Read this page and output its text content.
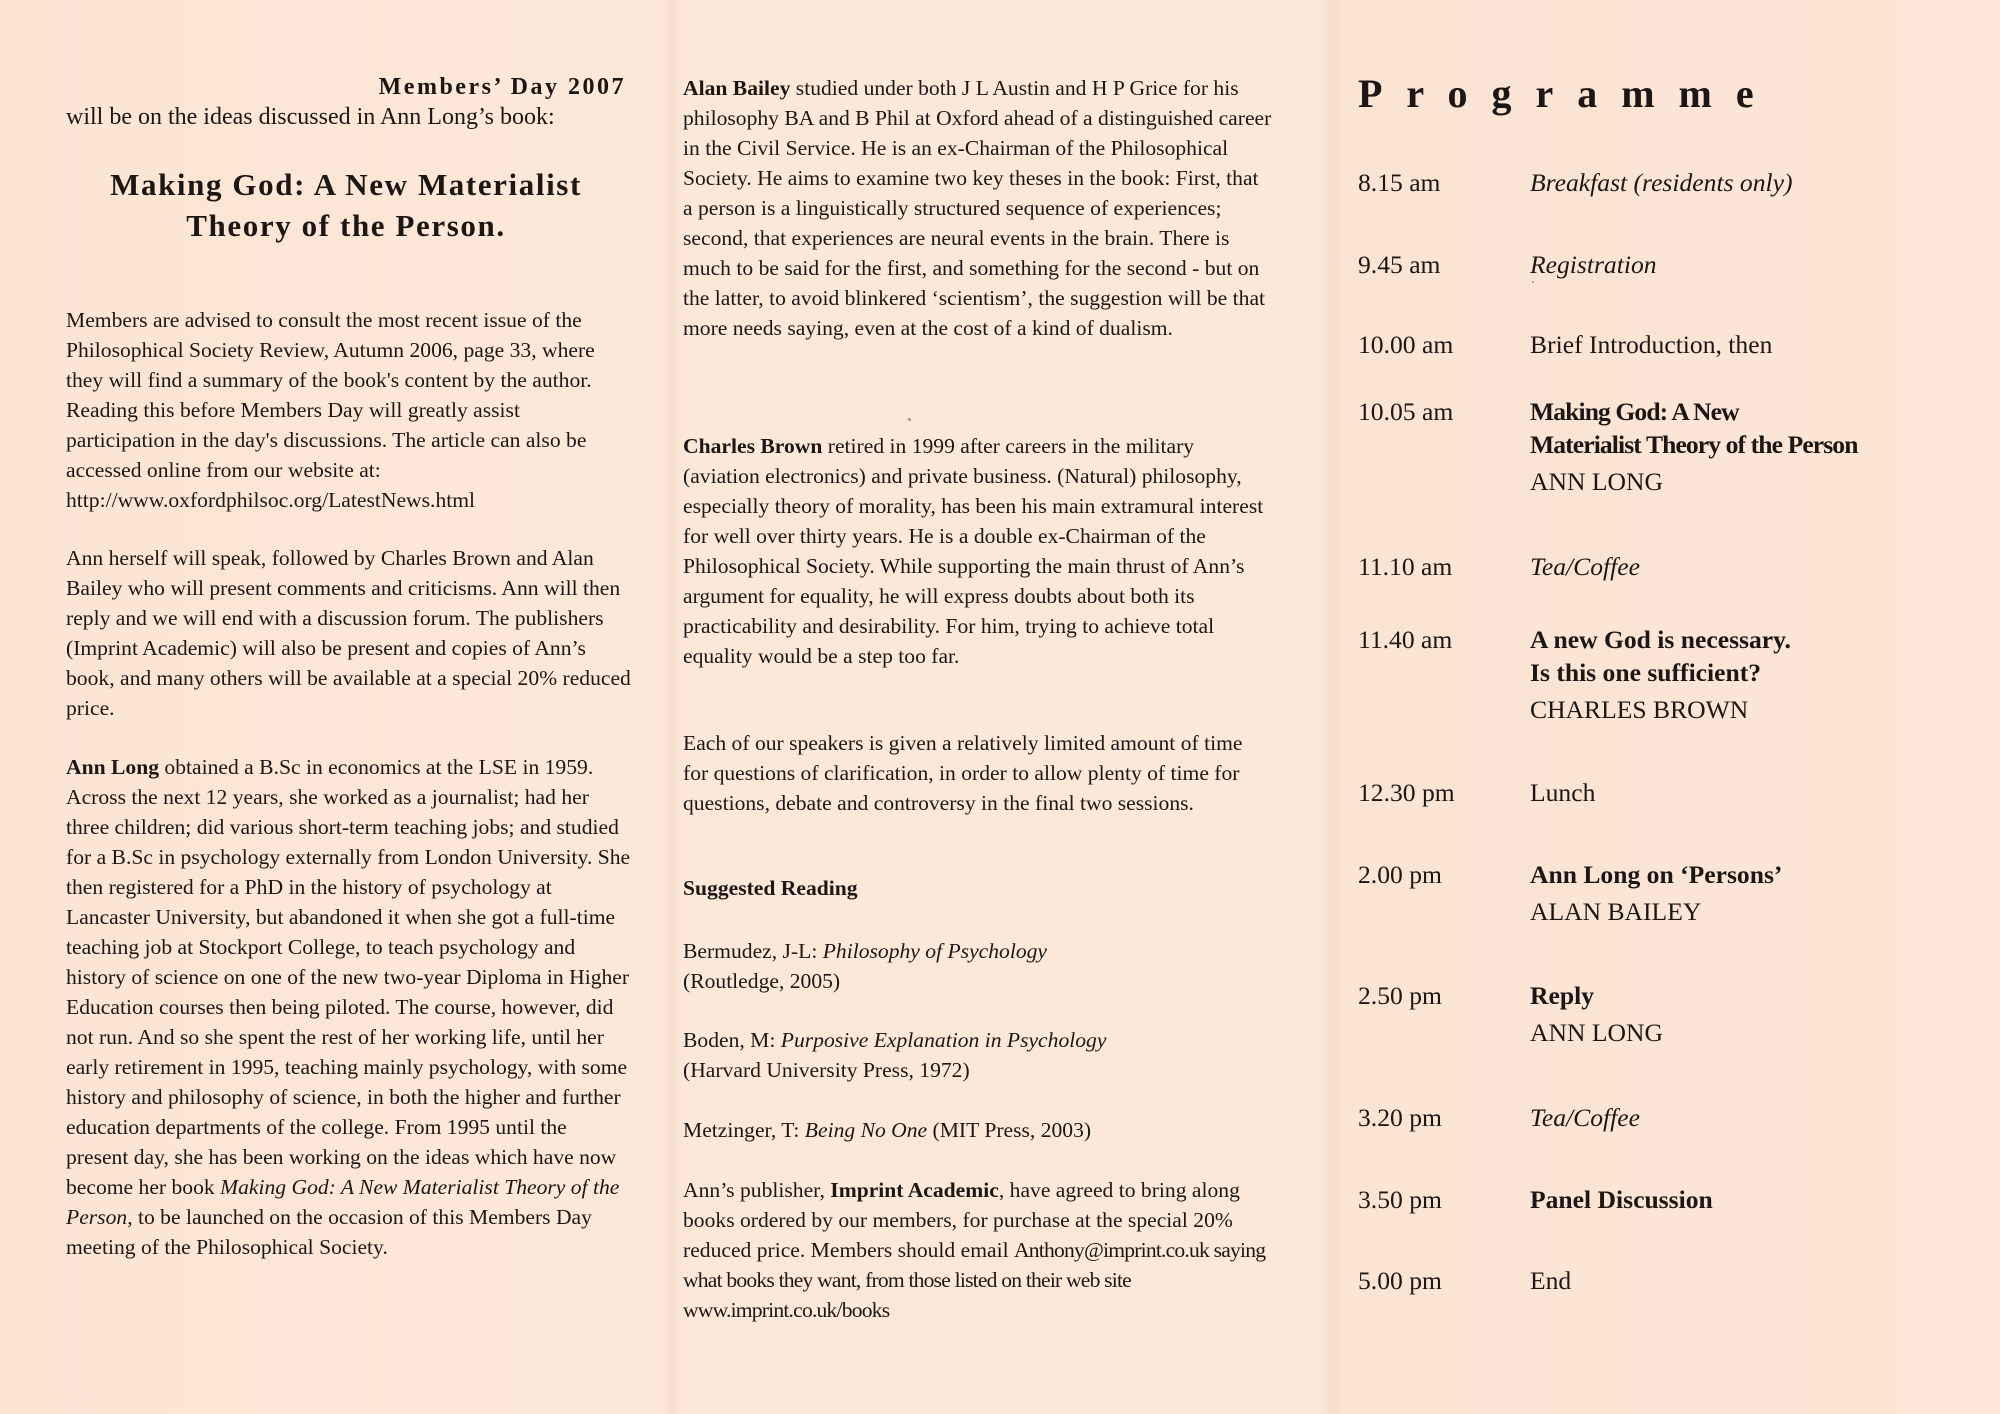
Members’ Day 2007
will be on the ideas discussed in Ann Long’s book:
Making God: A New Materialist
Theory of the Person.

Members are advised to consult the most recent issue of the Philosophical Society Review, Autumn 2006, page 33, where they will find a summary of the book's content by the author. Reading this before Members Day will greatly assist participation in the day's discussions. The article can also be accessed online from our website at: http://www.oxfordphilsoc.org/LatestNews.html

Ann herself will speak, followed by Charles Brown and Alan Bailey who will present comments and criticisms. Ann will then reply and we will end with a discussion forum. The publishers (Imprint Academic) will also be present and copies of Ann’s book, and many others will be available at a special 20% reduced price.

Ann Long obtained a B.Sc in economics at the LSE in 1959. Across the next 12 years, she worked as a journalist; had her three children; did various short-term teaching jobs; and studied for a B.Sc in psychology externally from London University. She then registered for a PhD in the history of psychology at Lancaster University, but abandoned it when she got a full-time teaching job at Stockport College, to teach psychology and history of science on one of the new two-year Diploma in Higher Education courses then being piloted. The course, however, did not run. And so she spent the rest of her working life, until her early retirement in 1995, teaching mainly psychology, with some history and philosophy of science, in both the higher and further education departments of the college. From 1995 until the present day, she has been working on the ideas which have now become her book Making God: A New Materialist Theory of the Person, to be launched on the occasion of this Members Day meeting of the Philosophical Society.

Alan Bailey studied under both J L Austin and H P Grice for his philosophy BA and B Phil at Oxford ahead of a distinguished career in the Civil Service. He is an ex-Chairman of the Philosophical Society. He aims to examine two key theses in the book: First, that a person is a linguistically structured sequence of experiences; second, that experiences are neural events in the brain. There is much to be said for the first, and something for the second - but on the latter, to avoid blinkered ‘scientism’, the suggestion will be that more needs saying, even at the cost of a kind of dualism.

Charles Brown retired in 1999 after careers in the military (aviation electronics) and private business. (Natural) philosophy, especially theory of morality, has been his main extramural interest for well over thirty years. He is a double ex-Chairman of the Philosophical Society. While supporting the main thrust of Ann’s argument for equality, he will express doubts about both its practicability and desirability. For him, trying to achieve total equality would be a step too far.

Each of our speakers is given a relatively limited amount of time for questions of clarification, in order to allow plenty of time for questions, debate and controversy in the final two sessions.

Suggested Reading

Bermudez, J-L: Philosophy of Psychology
(Routledge, 2005)

Boden, M: Purposive Explanation in Psychology
(Harvard University Press, 1972)

Metzinger, T: Being No One (MIT Press, 2003)

Ann’s publisher, Imprint Academic, have agreed to bring along books ordered by our members, for purchase at the special 20% reduced price. Members should email Anthony@imprint.co.uk saying what books they want, from those listed on their web site www.imprint.co.uk/books

Programme
8.15 am	Breakfast (residents only)
9.45 am	Registration
10.00 am	Brief Introduction, then
10.05 am	Making God: A New
Materialist Theory of the Person
ANN LONG
11.10 am	Tea/Coffee
11.40 am	A new God is necessary.
Is this one sufficient?
CHARLES BROWN
12.30 pm	Lunch
2.00 pm	Ann Long on ‘Persons’
ALAN BAILEY
2.50 pm	Reply
ANN LONG
3.20 pm	Tea/Coffee
3.50 pm	Panel Discussion
5.00 pm	End
